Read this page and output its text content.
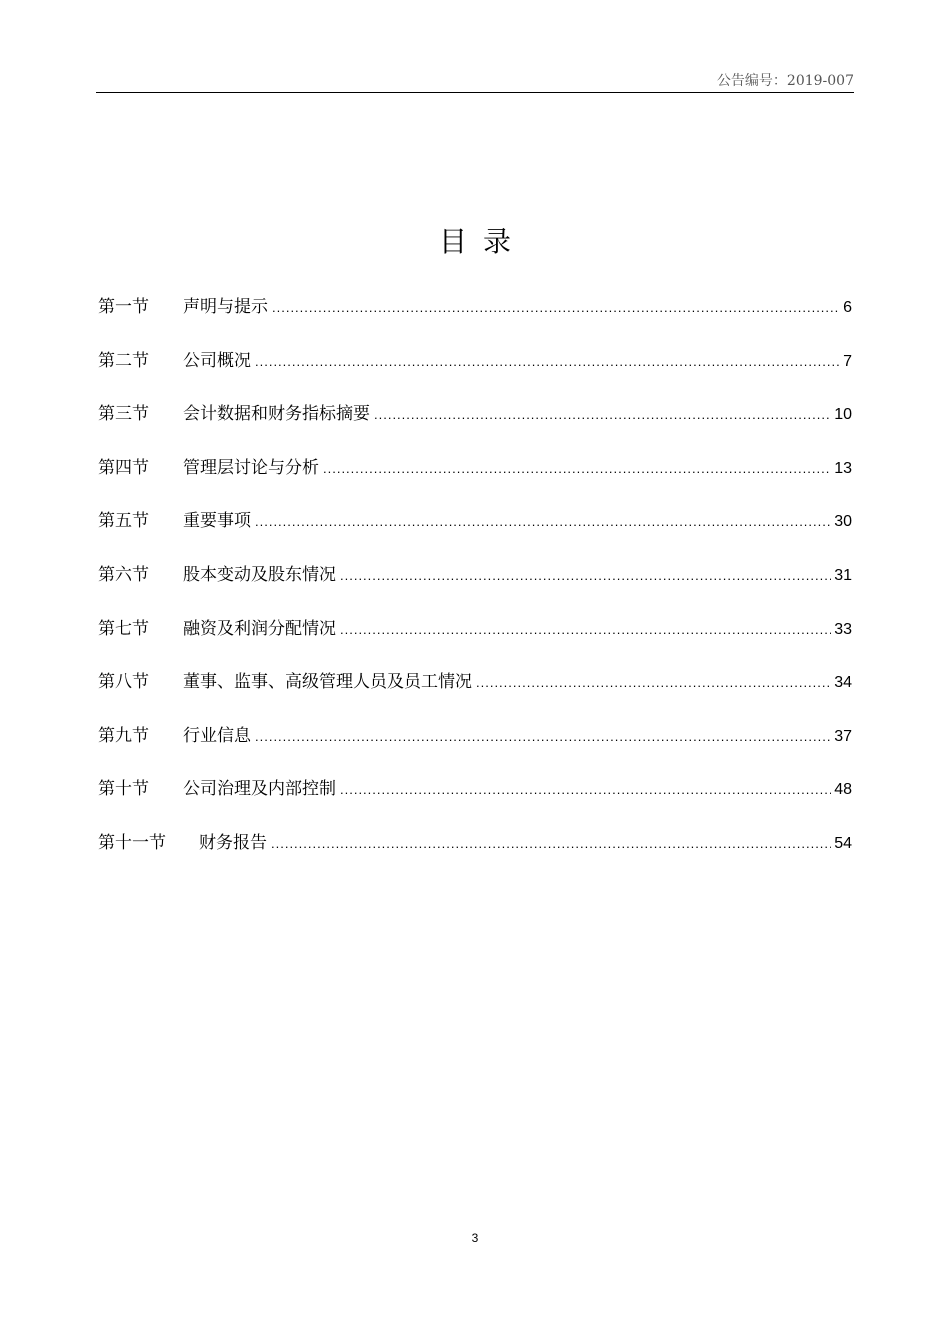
公告编号：2019-007
目录
第一节	声明与提示 .....	6
第二节	公司概况 .....	7
第三节	会计数据和财务指标摘要 .....	10
第四节	管理层讨论与分析 .....	13
第五节	重要事项 .....	30
第六节	股本变动及股东情况 .....	31
第七节	融资及利润分配情况 .....	33
第八节	董事、监事、高级管理人员及员工情况 .....	34
第九节	行业信息 .....	37
第十节	公司治理及内部控制 .....	48
第十一节	财务报告 .....	54
3
